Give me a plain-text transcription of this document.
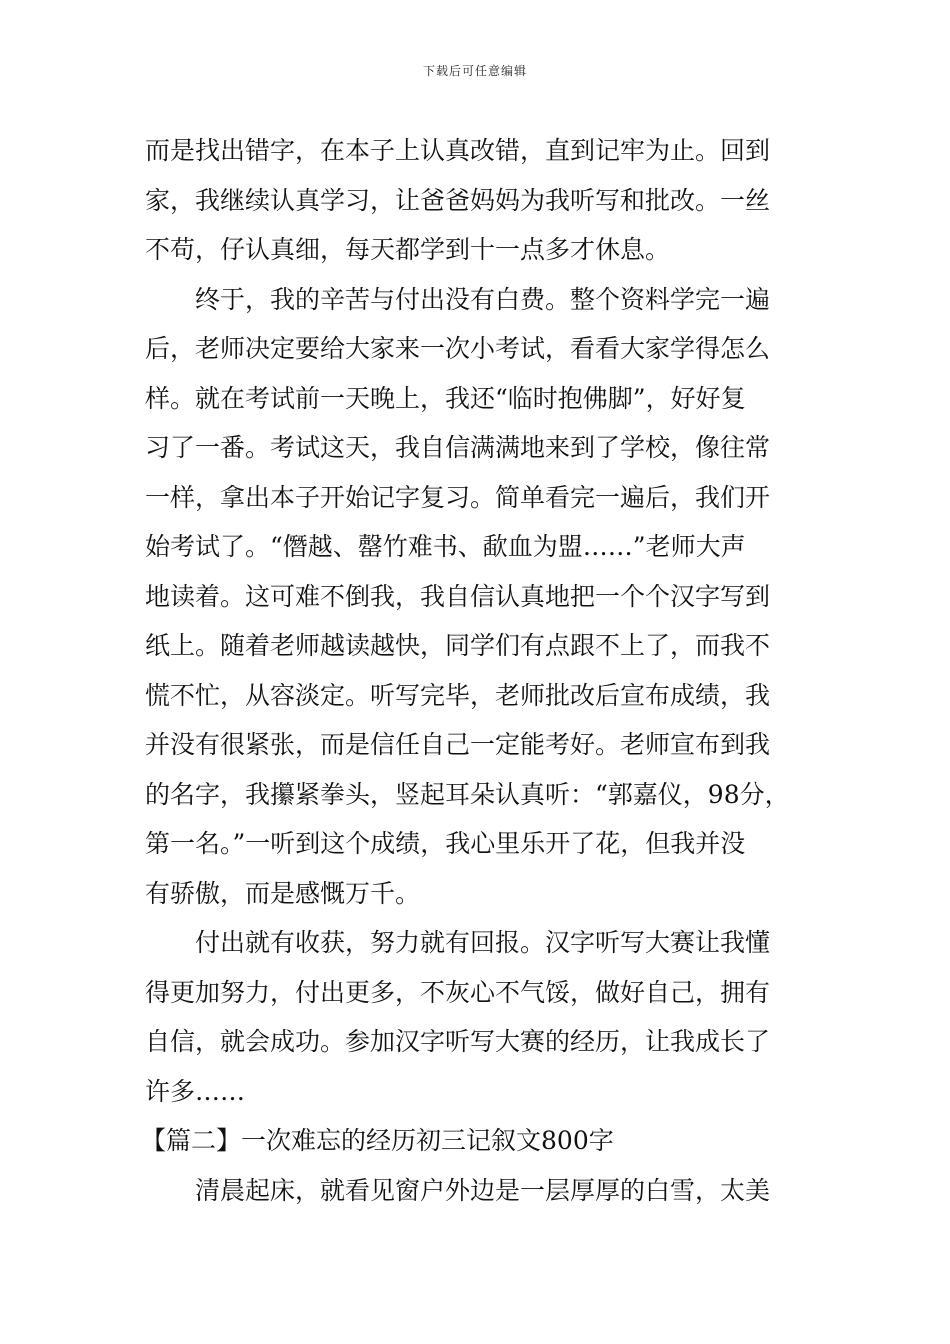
下载后可任意编辑
而是找出错字，在本子上认真改错，直到记牢为止。回到
家，我继续认真学习，让爸爸妈妈为我听写和批改。一丝
不苟，仔认真细，每天都学到十一点多才休息。
终于，我的辛苦与付出没有白费。整个资料学完一遍
后，老师决定要给大家来一次小考试，看看大家学得怎么
样。就在考试前一天晚上，我还“临时抱佛脚”，好好复
习了一番。考试这天，我自信满满地来到了学校，像往常
一样，拿出本子开始记字复习。简单看完一遍后，我们开
始考试了。“僭越、罄竹难书、歃血为盟……”老师大声
地读着。这可难不倒我，我自信认真地把一个个汉字写到
纸上。随着老师越读越快，同学们有点跟不上了，而我不
慌不忙，从容淡定。听写完毕，老师批改后宣布成绩，我
并没有很紧张，而是信任自己一定能考好。老师宣布到我
的名字，我攥紧拳头，竖起耳朵认真听：“郭嘉仪，98分，
第一名。”一听到这个成绩，我心里乐开了花，但我并没
有骄傲，而是感慨万千。
付出就有收获，努力就有回报。汉字听写大赛让我懂
得更加努力，付出更多，不灰心不气馁，做好自己，拥有
自信，就会成功。参加汉字听写大赛的经历，让我成长了
许多……
【篇二】一次难忘的经历初三记叙文800字
清晨起床，就看见窗户外边是一层厚厚的白雪，太美
